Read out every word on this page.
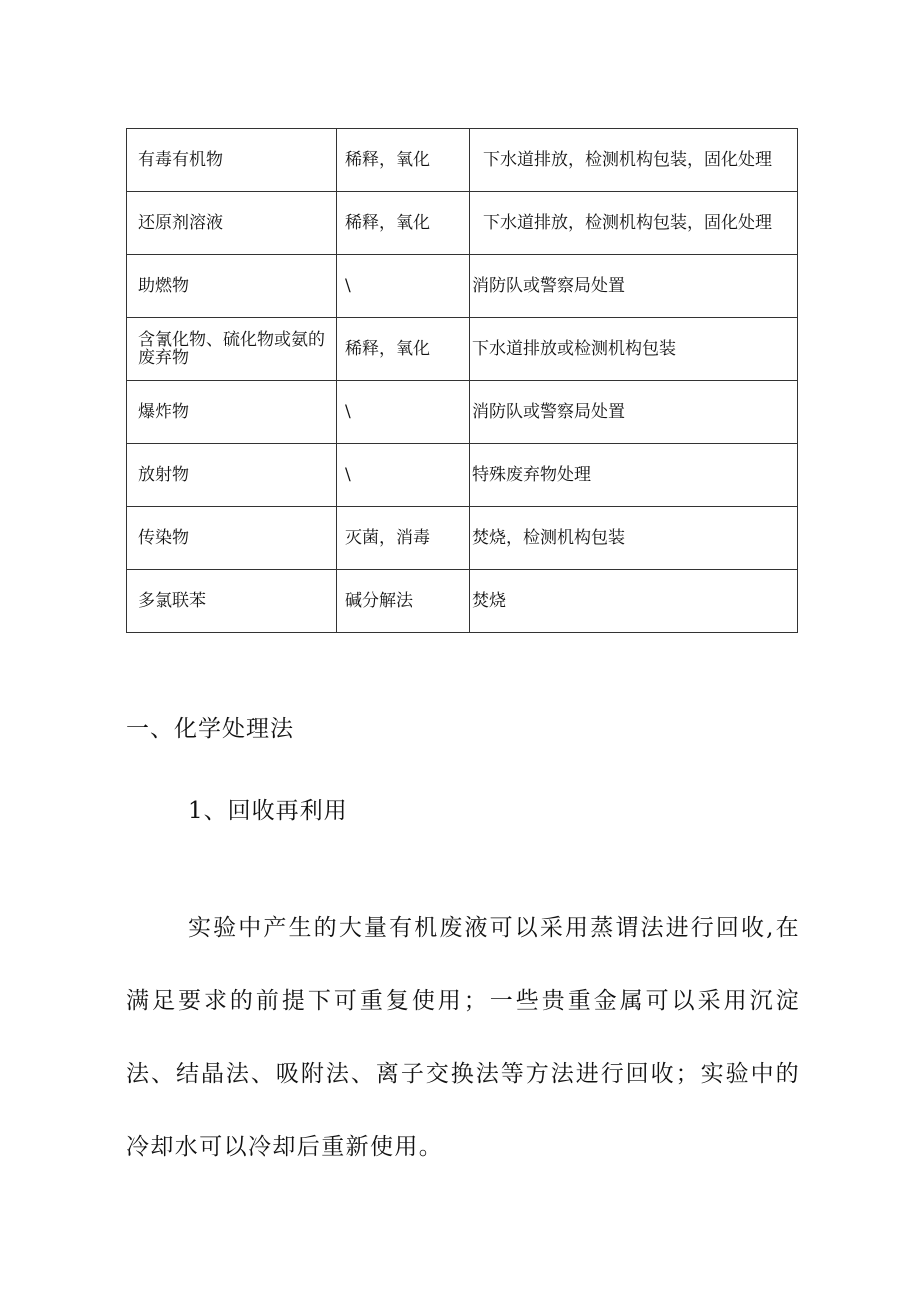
有毒有机物	稀释，氧化	下水道排放，检测机构包装，固化处理
还原剂溶液	稀释，氧化	下水道排放，检测机构包装，固化处理
助燃物	\	消防队或警察局处置
含氰化物、硫化物或氨的废弃物	稀释，氧化	下水道排放或检测机构包装
爆炸物	\	消防队或警察局处置
放射物	\	特殊废弃物处理
传染物	灭菌，消毒	焚烧，检测机构包装
多氯联苯	碱分解法	焚烧
一、化学处理法
1、回收再利用

实验中产生的大量有机废液可以采用蒸谓法进行回收,在满足要求的前提下可重复使用；一些贵重金属可以采用沉淀法、结晶法、吸附法、离子交换法等方法进行回收；实验中的冷却水可以冷却后重新使用。
